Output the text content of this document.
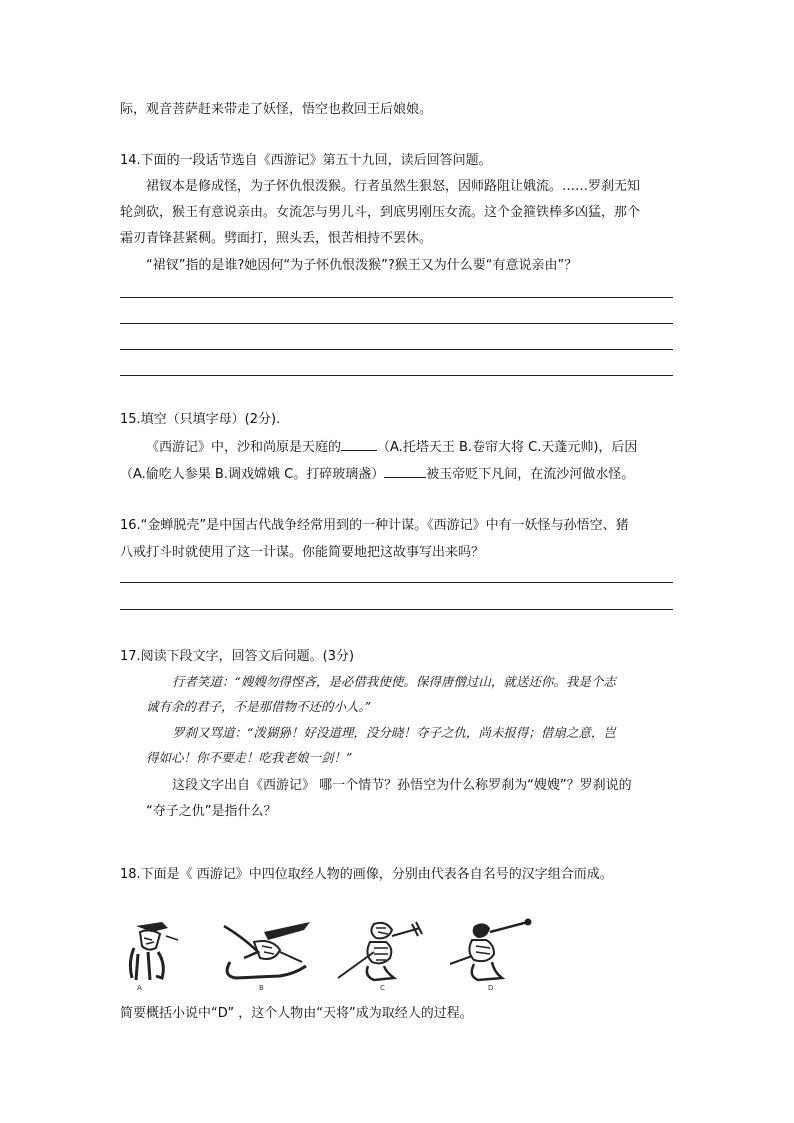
际，观音菩萨赶来带走了妖怪，悟空也救回王后娘娘。
14.下面的一段话节选自《西游记》第五十九回，读后回答问题。
裙钗本是修成怪，为子怀仇恨泼猴。行者虽然生狠怒，因师路阻让娥流。……罗刹无知
轮剑砍，猴王有意说亲由。女流怎与男儿斗，到底男刚压女流。这个金箍铁棒多凶猛，那个
霜刃青锋甚紧稠。劈面打，照头丢，恨苦相持不罢休。
“裙钗”指的是谁?她因何“为子怀仇恨泼猴”?猴王又为什么要“有意说亲由”？
15.填空（只填字母）(2分).
《西游记》中，沙和尚原是天庭的	（A.托塔天王 B.卷帘大将 C.天蓬元帅)，后因
（A.偷吃人参果 B.调戏嫦娥 C。打碎玻璃盏）	被玉帝贬下凡间，在流沙河做水怪。
16.“金蝉脱壳”是中国古代战争经常用到的一种计谋。《西游记》中有一妖怪与孙悟空、猪
八戒打斗时就使用了这一计谋。你能简要地把这故事写出来吗？
17.阅读下段文字，回答文后问题。(3分)
行者笑道：“嫂嫂勿得悭吝，是必借我使使。保得唐僧过山，就送还你。我是个志
诚有余的君子，不是那借物不还的小人。”
罗刹又骂道：“泼猢狲！好没道理，没分晓！夺子之仇，尚未报得；借扇之意，岂
得如心！你不要走！吃我老娘一剑！”
这段文字出自《西游记》 哪一个情节？孙悟空为什么称罗刹为“嫂嫂”？罗刹说的
“夺子之仇”是指什么？
18.下面是《 西游记》中四位取经人物的画像，分别由代表各自名号的汉字组合而成。
A	B	C	D
简要概括小说中“D” ，这个人物由“天将”成为取经人的过程。
